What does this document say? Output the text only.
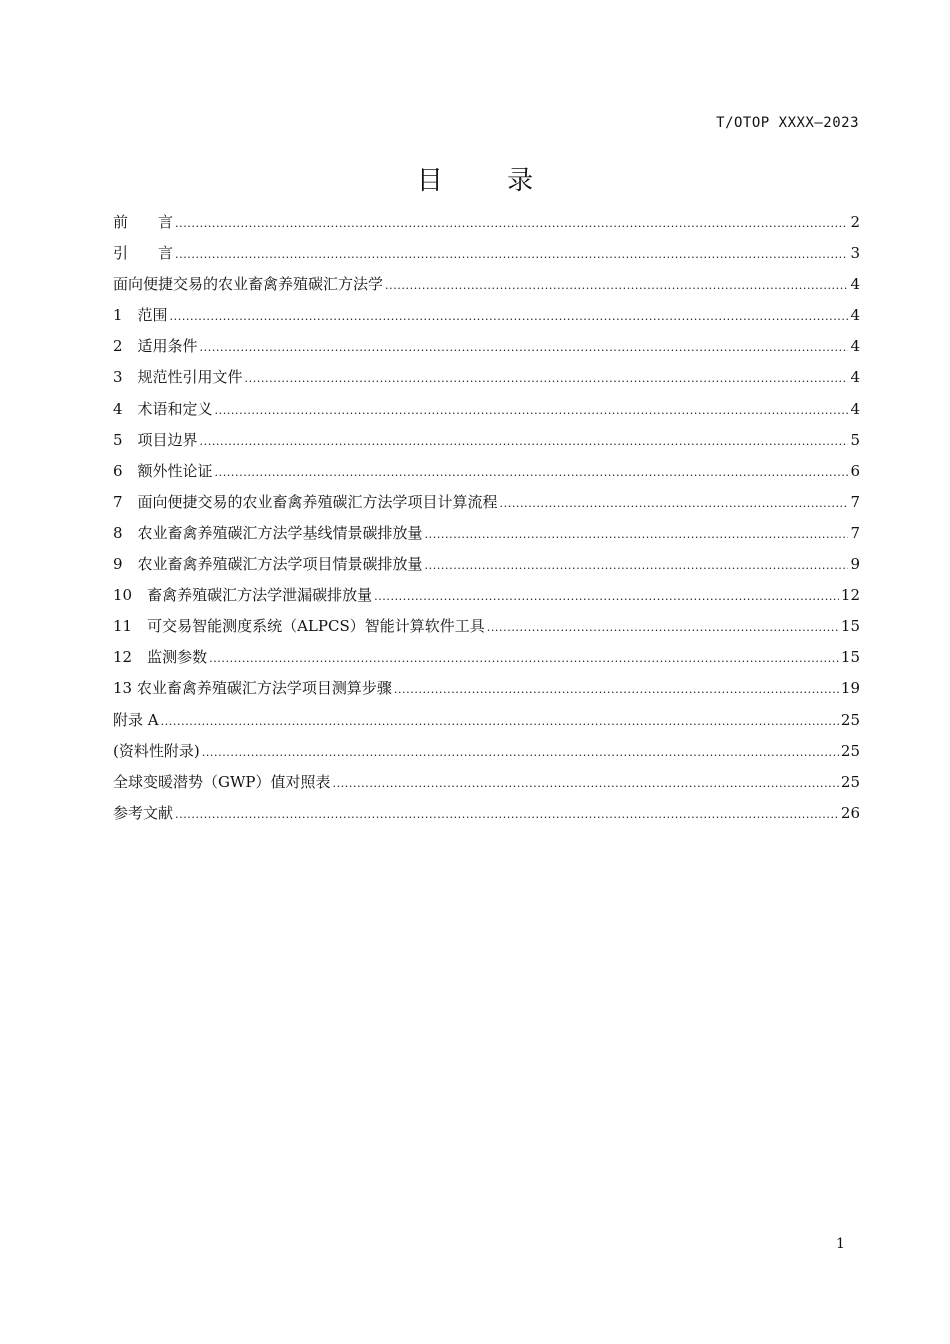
T/OTOP XXXX—2023
目 录
前　　言 .....	2
引　　言 .....	3
面向便捷交易的农业畜禽养殖碳汇方法学 .....	4
1　范围 .....	4
2　适用条件 .....	4
3　规范性引用文件 .....	4
4　术语和定义 .....	4
5　项目边界 .....	5
6　额外性论证 .....	6
7　面向便捷交易的农业畜禽养殖碳汇方法学项目计算流程 .....	7
8　农业畜禽养殖碳汇方法学基线情景碳排放量 .....	7
9　农业畜禽养殖碳汇方法学项目情景碳排放量 .....	9
10　畜禽养殖碳汇方法学泄漏碳排放量 .....	12
11　可交易智能测度系统（ALPCS）智能计算软件工具 .....	15
12　监测参数 .....	15
13 农业畜禽养殖碳汇方法学项目测算步骤 .....	19
附录 A .....	25
(资料性附录) .....	25
全球变暖潜势（GWP）值对照表 .....	25
参考文献 .....	26
1
